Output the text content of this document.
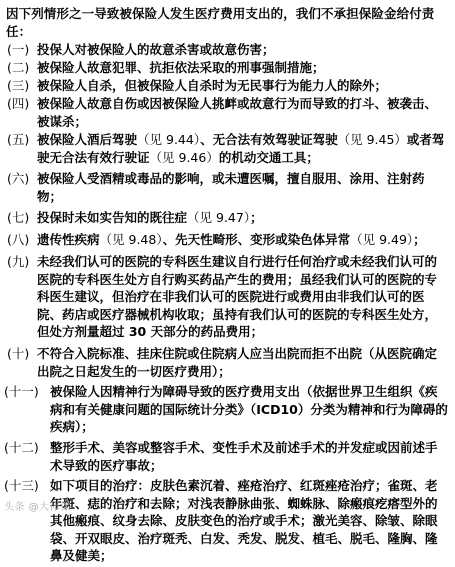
因下列情形之一导致被保险人发生医疗费用支出的，我们不承担保险金给付责任：
(一) 投保人对被保险人的故意杀害或故意伤害；
(二) 被保险人故意犯罪、抗拒依法采取的刑事强制措施；
(三) 被保险人自杀，但被保险人自杀时为无民事行为能力人的除外；
(四) 被保险人故意自伤或因被保险人挑衅或故意行为而导致的打斗、被袭击、被谋杀；
(五) 被保险人酒后驾驶（见 9.44）、无合法有效驾驶证驾驶（见 9.45）或者驾驶无合法有效行驶证（见 9.46）的机动交通工具；
(六) 被保险人受酒精或毒品的影响，或未遭医嘱，擅自服用、涂用、注射药物；
(七) 投保时未如实告知的既往症（见 9.47）；
(八) 遗传性疾病（见 9.48）、先天性畸形、变形或染色体异常（见 9.49）；
(九) 未经我们认可的医院的专科医生建议自行进行任何治疗或未经我们认可的医院的专科医生处方自行购买药品产生的费用；虽经我们认可的医院的专科医生建议，但治疗在非我们认可的医院进行或费用由非我们认可的医院、药店或医疗器械机构收取；虽持有我们认可的医院的专科医生处方，但处方剂量超过 30 天部分的药品费用；
(十) 不符合入院标准、挂床住院或住院病人应当出院而拒不出院（从医院确定出院之日起发生的一切医疗费用）；
(十一) 被保险人因精神行为障碍导致的医疗费用支出（依据世界卫生组织《疾病和有关健康问题的国际统计分类》（ICD10）分类为精神和行为障碍的疾病）；
(十二) 整形手术、美容或整容手术、变性手术及前述手术的并发症或因前述手术导致的医疗事故；
(十三) 如下项目的治疗：皮肤色素沉着、痤疮治疗、红斑痤疮治疗；雀斑、老年斑、痣的治疗和去除；对浅表静脉曲张、蜘蛛脉、除瘢痕疙瘩型外的其他瘢痕、纹身去除、皮肤变色的治疗或手术；激光美容、除皱、除眼袋、开双眼皮、治疗斑秃、白发、秃发、脱发、植毛、脱毛、隆胸、隆鼻及健美；
头条 @大律保
